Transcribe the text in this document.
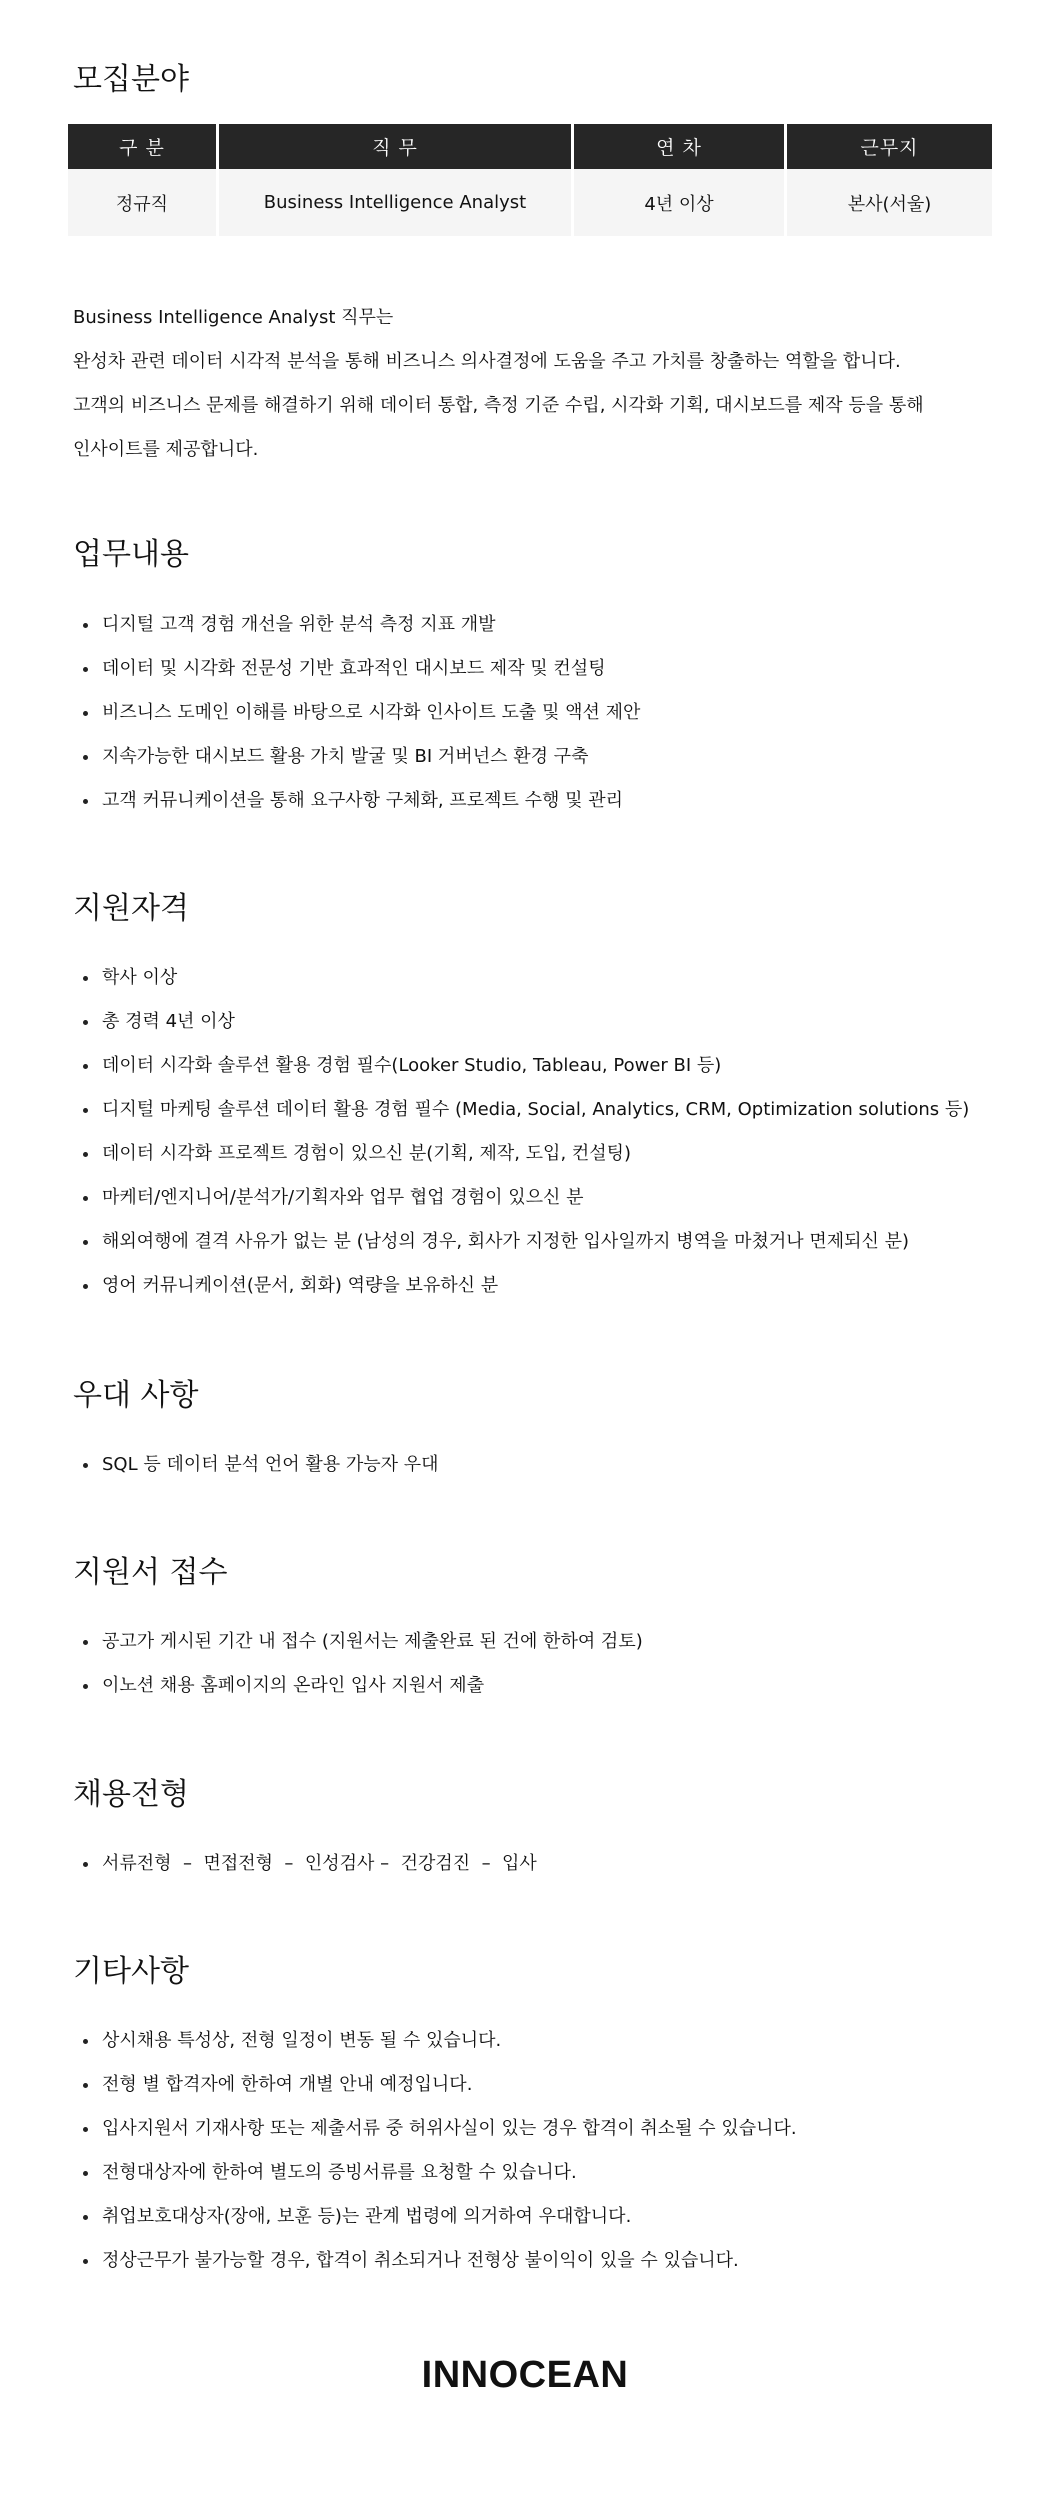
모집분야
구 분	직 무	연 차	근무지
정규직	Business Intelligence Analyst	4년 이상	본사(서울)

Business Intelligence Analyst 직무는

완성차 관련 데이터 시각적 분석을 통해 비즈니스 의사결정에 도움을 주고 가치를 창출하는 역할을 합니다.

고객의 비즈니스 문제를 해결하기 위해 데이터 통합, 측정 기준 수립, 시각화 기획, 대시보드를 제작 등을 통해

인사이트를 제공합니다.

업무내용
디지털 고객 경험 개선을 위한 분석 측정 지표 개발
데이터 및 시각화 전문성 기반 효과적인 대시보드 제작 및 컨설팅
비즈니스 도메인 이해를 바탕으로 시각화 인사이트 도출 및 액션 제안
지속가능한 대시보드 활용 가치 발굴 및 BI 거버넌스 환경 구축
고객 커뮤니케이션을 통해 요구사항 구체화, 프로젝트 수행 및 관리
지원자격
학사 이상
총 경력 4년 이상
데이터 시각화 솔루션 활용 경험 필수(Looker Studio, Tableau, Power BI 등)
디지털 마케팅 솔루션 데이터 활용 경험 필수 (Media, Social, Analytics, CRM, Optimization solutions 등)
데이터 시각화 프로젝트 경험이 있으신 분(기획, 제작, 도입, 컨설팅)
마케터/엔지니어/분석가/기획자와 업무 협업 경험이 있으신 분
해외여행에 결격 사유가 없는 분 (남성의 경우, 회사가 지정한 입사일까지 병역을 마쳤거나 면제되신 분)
영어 커뮤니케이션(문서, 회화) 역량을 보유하신 분
우대 사항
SQL 등 데이터 분석 언어 활용 가능자 우대
지원서 접수
공고가 게시된 기간 내 접수 (지원서는 제출완료 된 건에 한하여 검토)
이노션 채용 홈페이지의 온라인 입사 지원서 제출
채용전형
서류전형  –  면접전형  –  인성검사 –  건강검진  –  입사
기타사항
상시채용 특성상, 전형 일정이 변동 될 수 있습니다.
전형 별 합격자에 한하여 개별 안내 예정입니다.
입사지원서 기재사항 또는 제출서류 중 허위사실이 있는 경우 합격이 취소될 수 있습니다.
전형대상자에 한하여 별도의 증빙서류를 요청할 수 있습니다.
취업보호대상자(장애, 보훈 등)는 관계 법령에 의거하여 우대합니다.
정상근무가 불가능할 경우, 합격이 취소되거나 전형상 불이익이 있을 수 있습니다.
INNOCEAN
